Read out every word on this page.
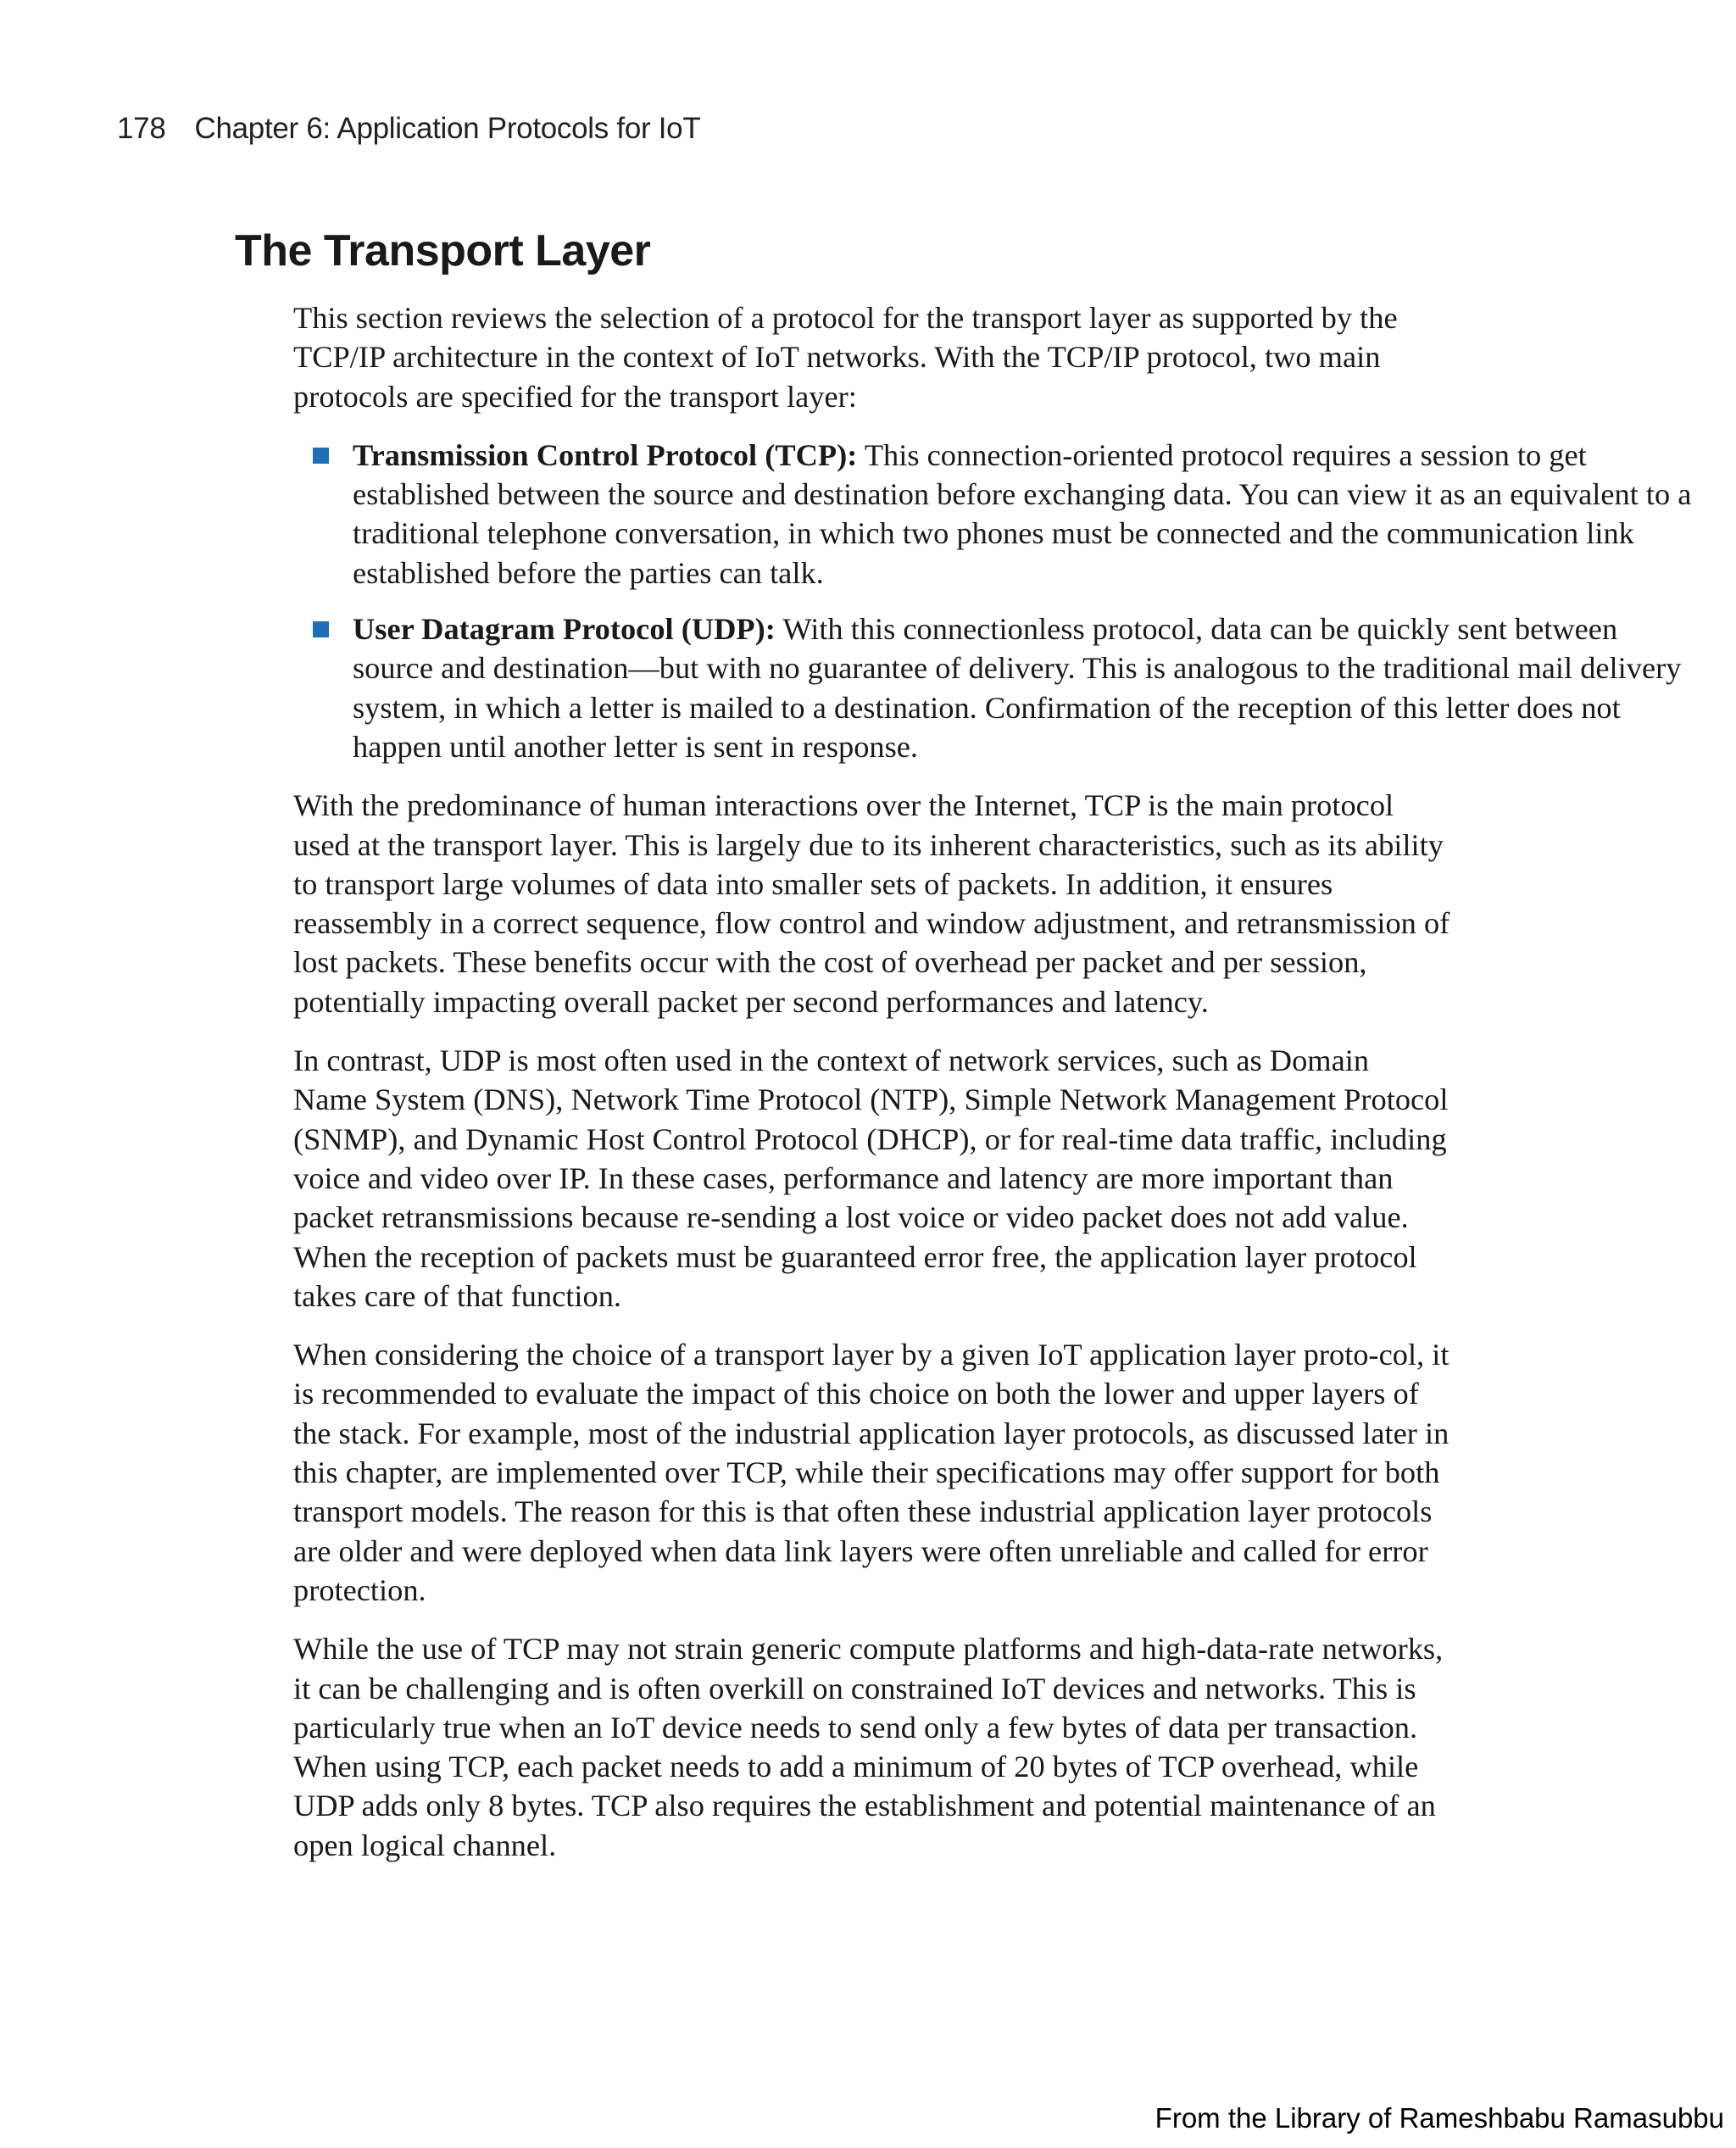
178 Chapter 6: Application Protocols for IoT
The Transport Layer

This section reviews the selection of a protocol for the transport layer as supported by the TCP/IP architecture in the context of IoT networks. With the TCP/IP protocol, two main protocols are specified for the transport layer:

Transmission Control Protocol (TCP): This connection-oriented protocol requires a session to get established between the source and destination before exchanging data. You can view it as an equivalent to a traditional telephone conversation, in which two phones must be connected and the communication link established before the parties can talk.
User Datagram Protocol (UDP): With this connectionless protocol, data can be quickly sent between source and destination—but with no guarantee of delivery. This is analogous to the traditional mail delivery system, in which a letter is mailed to a destination. Confirmation of the reception of this letter does not happen until another letter is sent in response.

With the predominance of human interactions over the Internet, TCP is the main protocol used at the transport layer. This is largely due to its inherent characteristics, such as its ability to transport large volumes of data into smaller sets of packets. In addition, it ensures reassembly in a correct sequence, flow control and window adjustment, and retransmission of lost packets. These benefits occur with the cost of overhead per packet and per session, potentially impacting overall packet per second performances and latency.

In contrast, UDP is most often used in the context of network services, such as Domain Name System (DNS), Network Time Protocol (NTP), Simple Network Management Protocol (SNMP), and Dynamic Host Control Protocol (DHCP), or for real-time data traffic, including voice and video over IP. In these cases, performance and latency are more important than packet retransmissions because re-sending a lost voice or video packet does not add value. When the reception of packets must be guaranteed error free, the application layer protocol takes care of that function.

When considering the choice of a transport layer by a given IoT application layer proto-col, it is recommended to evaluate the impact of this choice on both the lower and upper layers of the stack. For example, most of the industrial application layer protocols, as discussed later in this chapter, are implemented over TCP, while their specifications may offer support for both transport models. The reason for this is that often these industrial application layer protocols are older and were deployed when data link layers were often unreliable and called for error protection.

While the use of TCP may not strain generic compute platforms and high-data-rate networks, it can be challenging and is often overkill on constrained IoT devices and networks. This is particularly true when an IoT device needs to send only a few bytes of data per transaction. When using TCP, each packet needs to add a minimum of 20 bytes of TCP overhead, while UDP adds only 8 bytes. TCP also requires the establishment and potential maintenance of an open logical channel.

From the Library of Rameshbabu Ramasubbu
